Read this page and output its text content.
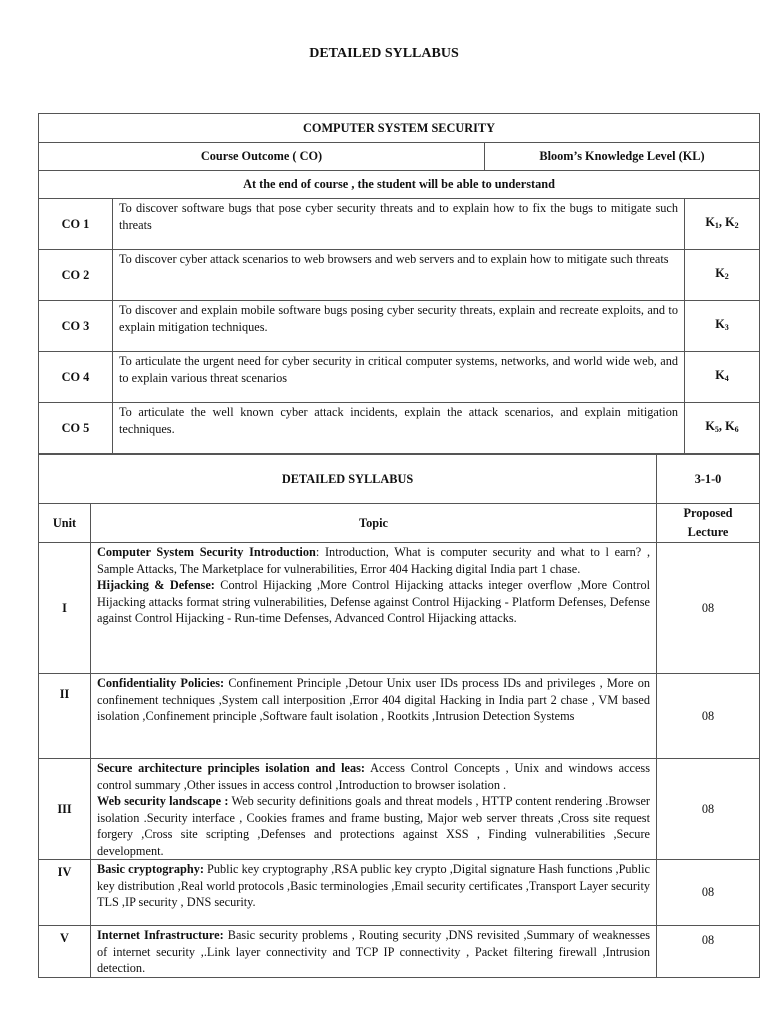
DETAILED SYLLABUS
COMPUTER SYSTEM SECURITY			
Course Outcome ( CO)		Bloom’s Knowledge Level (KL)	
At the end of course , the student will be able to understand			
CO 1	To discover software bugs that pose cyber security threats and to explain how to fix the bugs to mitigate such threats		$K_1$, $K_2$
CO 2	To discover cyber attack scenarios to web browsers and web servers and to explain how to mitigate such threats		$K_2$
CO 3	To discover and explain mobile software bugs posing cyber security threats, explain and recreate exploits, and to explain mitigation techniques.		$K_3$
CO 4	To articulate the urgent need for cyber security in critical computer systems, networks, and world wide web, and to explain various threat scenarios		$K_4$
CO 5	To articulate the well known cyber attack incidents, explain the attack scenarios, and explain mitigation techniques.		$K_5$, $K_6$
DETAILED SYLLABUS		3-1-0
Unit	Topic	Proposed
Lecture
I	Computer System Security Introduction: Introduction, What is computer security and what to l earn? , Sample Attacks, The Marketplace for vulnerabilities, Error 404 Hacking digital India part 1 chase.
Hijacking & Defense: Control Hijacking ,More Control Hijacking attacks integer overflow ,More Control Hijacking attacks format string vulnerabilities, Defense against Control Hijacking - Platform Defenses, Defense against Control Hijacking - Run-time Defenses, Advanced Control Hijacking attacks.	08
II	Confidentiality Policies: Confinement Principle ,Detour Unix user IDs process IDs and privileges , More on confinement techniques ,System call interposition ,Error 404 digital Hacking in India part 2 chase , VM based isolation ,Confinement principle ,Software fault isolation , Rootkits ,Intrusion Detection Systems	08
III	Secure architecture principles isolation and leas: Access Control Concepts , Unix and windows access control summary ,Other issues in access control ,Introduction to browser isolation .
Web security landscape : Web security definitions goals and threat models , HTTP content rendering .Browser isolation .Security interface , Cookies frames and frame busting, Major web server threats ,Cross site request forgery ,Cross site scripting ,Defenses and protections against XSS , Finding vulnerabilities ,Secure development.	08
IV	Basic cryptography: Public key cryptography ,RSA public key crypto ,Digital signature Hash functions ,Public key distribution ,Real world protocols ,Basic terminologies ,Email security certificates ,Transport Layer security TLS ,IP security , DNS security.	08
V	Internet Infrastructure: Basic security problems , Routing security ,DNS revisited ,Summary of weaknesses of internet security ,.Link layer connectivity and TCP IP connectivity , Packet filtering firewall ,Intrusion detection.	08
